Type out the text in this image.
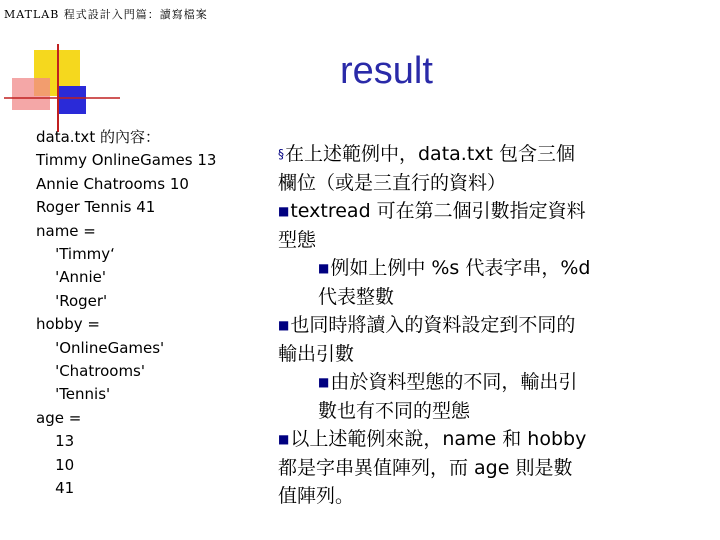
MATLAB 程式設計入門篇：讀寫檔案
result
data.txt 的內容：
Timmy OnlineGames 13
Annie Chatrooms 10
Roger Tennis 41
name =
'Timmy‘
'Annie'
'Roger'
hobby =
'OnlineGames'
'Chatrooms'
'Tennis'
age =
13
10
41
§在上述範例中，data.txt 包含三個
欄位（或是三直行的資料）
■textread 可在第二個引數指定資料
型態
■例如上例中 %s 代表字串，%d
代表整數
■也同時將讀入的資料設定到不同的
輸出引數
■由於資料型態的不同，輸出引
數也有不同的型態
■以上述範例來說，name 和 hobby
都是字串異值陣列，而 age 則是數
值陣列。
